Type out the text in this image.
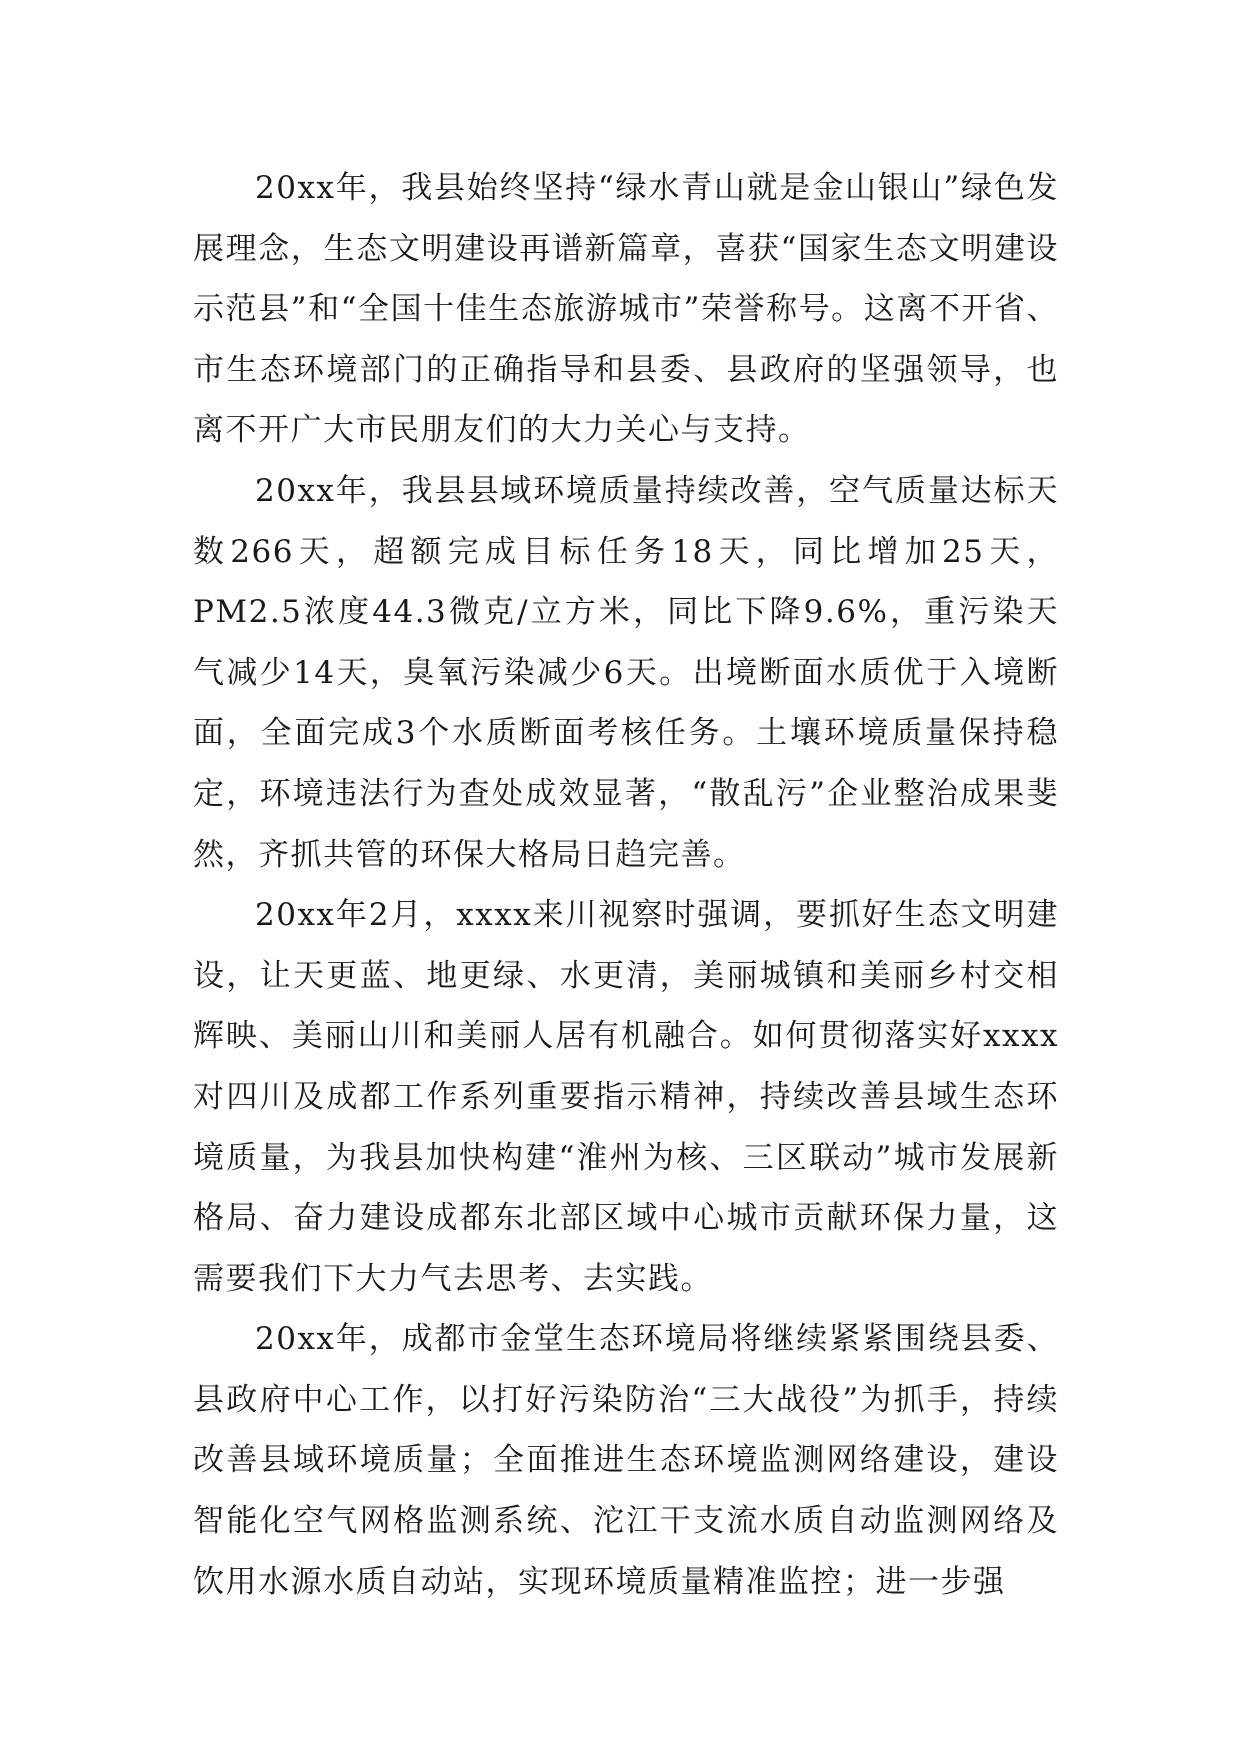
20xx年，我县始终坚持“绿水青山就是金山银山”绿色发展理念，生态文明建设再谱新篇章，喜获“国家生态文明建设示范县”和“全国十佳生态旅游城市”荣誉称号。这离不开省、市生态环境部门的正确指导和县委、县政府的坚强领导，也离不开广大市民朋友们的大力关心与支持。

20xx年，我县县域环境质量持续改善，空气质量达标天数266天，超额完成目标任务18天，同比增加25天，PM2.5浓度44.3微克/立方米，同比下降9.6%，重污染天气减少14天，臭氧污染减少6天。出境断面水质优于入境断面，全面完成3个水质断面考核任务。土壤环境质量保持稳定，环境违法行为查处成效显著，“散乱污”企业整治成果斐然，齐抓共管的环保大格局日趋完善。

20xx年2月，xxxx来川视察时强调，要抓好生态文明建设，让天更蓝、地更绿、水更清，美丽城镇和美丽乡村交相辉映、美丽山川和美丽人居有机融合。如何贯彻落实好xxxx对四川及成都工作系列重要指示精神，持续改善县域生态环境质量，为我县加快构建“淮州为核、三区联动”城市发展新格局、奋力建设成都东北部区域中心城市贡献环保力量，这需要我们下大力气去思考、去实践。

20xx年，成都市金堂生态环境局将继续紧紧围绕县委、县政府中心工作，以打好污染防治“三大战役”为抓手，持续改善县域环境质量；全面推进生态环境监测网络建设，建设智能化空气网格监测系统、沱江干支流水质自动监测网络及饮用水源水质自动站，实现环境质量精准监控；进一步强
